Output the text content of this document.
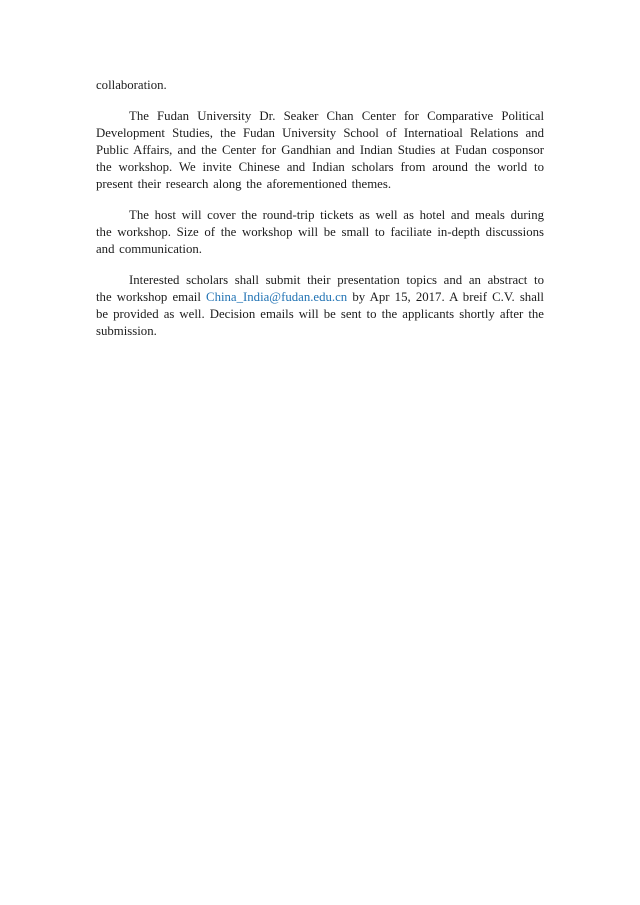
collaboration.

The Fudan University Dr. Seaker Chan Center for Comparative Political Development Studies, the Fudan University School of Internatioal Relations and Public Affairs, and the Center for Gandhian and Indian Studies at Fudan cosponsor the workshop. We invite Chinese and Indian scholars from around the world to present their research along the aforementioned themes.

The host will cover the round-trip tickets as well as hotel and meals during the workshop. Size of the workshop will be small to faciliate in-depth discussions and communication.

Interested scholars shall submit their presentation topics and an abstract to the workshop email China_India@fudan.edu.cn by Apr 15, 2017. A breif C.V. shall be provided as well. Decision emails will be sent to the applicants shortly after the submission.
